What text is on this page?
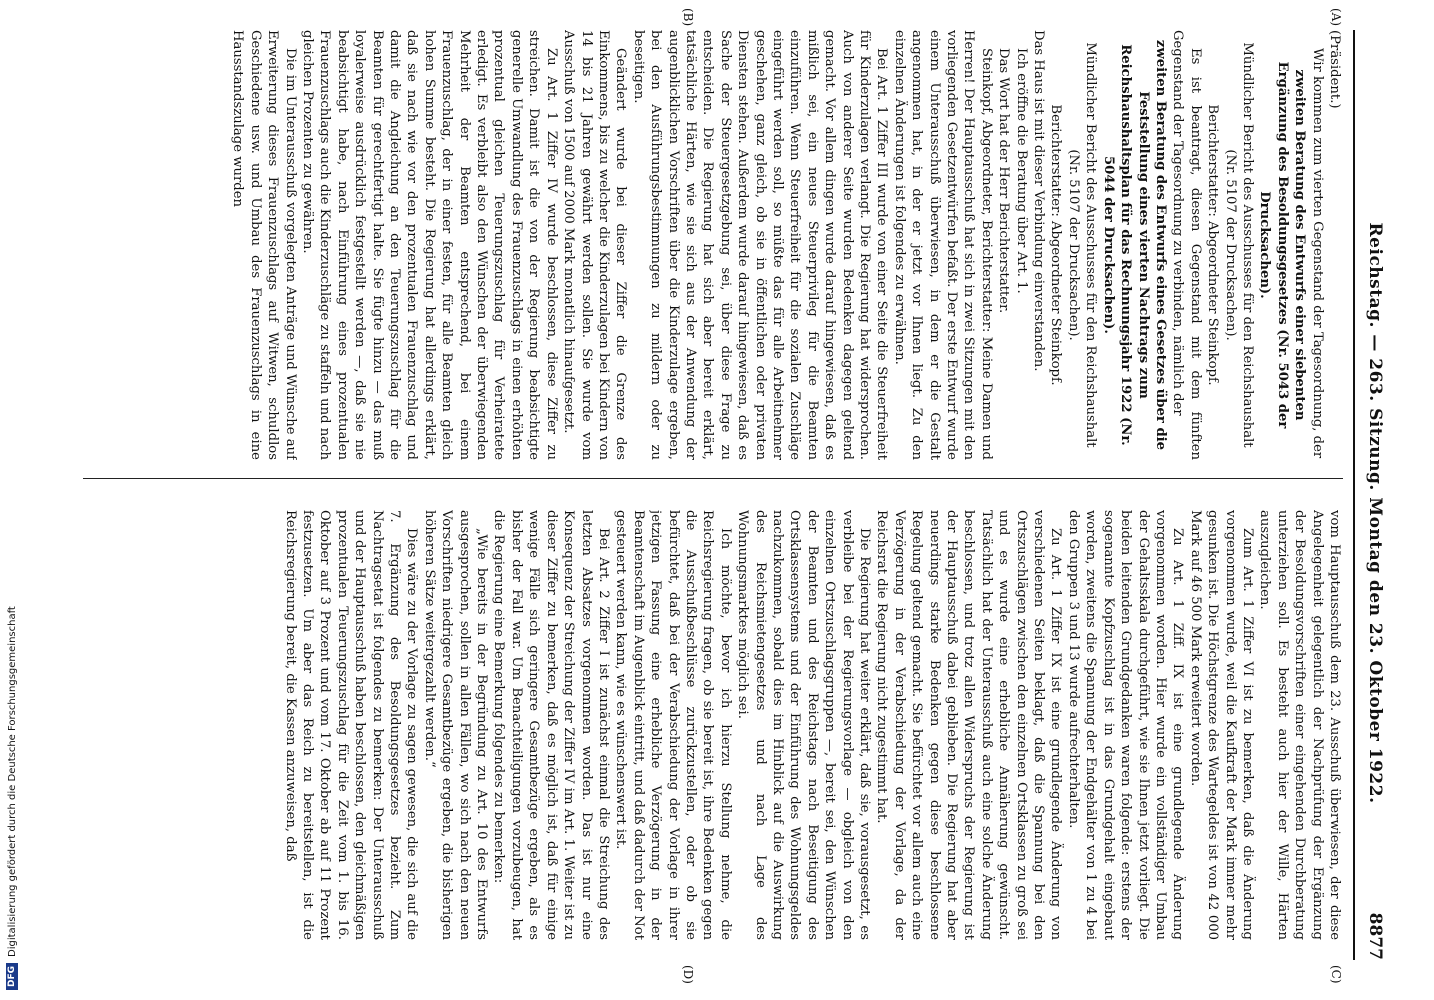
8877
Reichstag. — 263. Sitzung. Montag den 23. Oktober 1922.
(A)
(B)
(C)
(D)

(Präsident.)

Wir kommen zum vierten Gegenstand der Tagesordnung, der

zweiten Beratung des Entwurfs einer siebenten Ergänzung des Besoldungsgesetzes (Nr. 5043 der Drucksachen).

Mündlicher Bericht des Ausschusses für den Reichshaushalt (Nr. 5107 der Drucksachen).

Berichterstatter: Abgeordneter Steinkopf.

Es ist beantragt, diesen Gegenstand mit dem fünften Gegenstand der Tagesordnung zu verbinden, nämlich der

zweiten Beratung des Entwurfs eines Gesetzes über die Feststellung eines vierten Nachtrags zum Reichshaushaltsplan für das Rechnungsjahr 1922 (Nr. 5044 der Drucksachen).

Mündlicher Bericht des Ausschusses für den Reichshaushalt (Nr. 5107 der Drucksachen).

Berichterstatter: Abgeordneter Steinkopf.

Das Haus ist mit dieser Verbindung einverstanden.

Ich eröffne die Beratung über Art. 1.

Das Wort hat der Herr Berichterstatter.

Steinkopf, Abgeordneter, Berichterstatter: Meine Damen und Herren! Der Hauptausschuß hat sich in zwei Sitzungen mit den vorliegenden Gesetzentwürfen befaßt. Der erste Entwurf wurde einem Unterausschuß überwiesen, in dem er die Gestalt angenommen hat, in der er jetzt vor Ihnen liegt. Zu den einzelnen Änderungen ist folgendes zu erwähnen.

Bei Art. 1 Ziffer III wurde von einer Seite die Steuerfreiheit für Kinderzulagen verlangt. Die Regierung hat widersprochen. Auch von anderer Seite wurden Bedenken dagegen geltend gemacht. Vor allem dingen wurde darauf hingewiesen, daß es mißlich sei, ein neues Steuerprivileg für die Beamten einzuführen. Wenn Steuerfreiheit für die sozialen Zuschläge eingeführt werden soll, so müßte das für alle Arbeitnehmer geschehen, ganz gleich, ob sie in öffentlichen oder privaten Diensten stehen. Außerdem wurde darauf hingewiesen, daß es Sache der Steuergesetzgebung sei, über diese Frage zu entscheiden. Die Regierung hat sich aber bereit erklärt, tatsächliche Härten, wie sie sich aus der Anwendung der augenblicklichen Vorschriften über die Kinderzulage ergeben, bei den Ausführungsbestimmungen zu mildern oder zu beseitigen.

Geändert wurde bei dieser Ziffer die Grenze des Einkommens, bis zu welcher die Kinderzulagen bei Kindern von 14 bis 21 Jahren gewährt werden sollen. Sie wurde vom Ausschuß von 1500 auf 2000 Mark monatlich hinaufgesetzt.

Zu Art. 1 Ziffer IV wurde beschlossen, diese Ziffer zu streichen. Damit ist die von der Regierung beabsichtigte generelle Umwandlung des Frauenzuschlags in einen erhöhten prozentual gleichen Teuerungszuschlag für Verheiratete erledigt. Es verbleibt also den Wünschen der überwiegenden Mehrheit der Beamten entsprechend, bei einem Frauenzuschlag, der in einer festen, für alle Beamten gleich hohen Summe besteht. Die Regierung hat allerdings erklärt, daß sie nach wie vor den prozentualen Frauenzuschlag und damit die Angleichung an den Teuerungszuschlag für die Beamten für gerechtfertigt halte. Sie fügte hinzu — das muß loyalerweise ausdrücklich festgestellt werden —, daß sie nie beabsichtigt habe, nach Einführung eines prozentualen Frauenzuschlags auch die Kinderzuschläge zu staffeln und nach gleichen Prozenten zu gewähren.

Die im Unterausschuß vorgelegten Anträge und Wünsche auf Erweiterung dieses Frauenzuschlags auf Witwen, schuldlos Geschiedene usw. und Umbau des Frauenzuschlags in eine Hausstandszulage wurden

vom Hauptausschuß dem 23. Ausschuß überwiesen, der diese Angelegenheit gelegentlich der Nachprüfung der Ergänzung der Besoldungsvorschriften einer eingehenden Durchberatung unterziehen soll. Es besteht auch hier der Wille, Härten auszugleichen.

Zum Art. 1 Ziffer VI ist zu bemerken, daß die Änderung vorgenommen wurde, weil die Kaufkraft der Mark immer mehr gesunken ist. Die Höchstgrenze des Wartegeldes ist von 42 000 Mark auf 46 500 Mark erweitert worden.

Zu Art. 1 Ziff. IX ist eine grundlegende Änderung vorgenommen worden. Hier wurde ein vollständiger Umbau der Gehaltsskala durchgeführt, wie sie Ihnen jetzt vorliegt. Die beiden leitenden Grundgedanken waren folgende: erstens der sogenannte Kopfzuschlag ist in das Grundgehalt eingebaut worden, zweitens die Spannung der Endgehälter von 1 zu 4 bei den Gruppen 3 und 13 wurde aufrechterhalten.

Zu Art. 1 Ziffer IX ist eine grundlegende Änderung von verschiedenen Seiten beklagt, daß die Spannung bei den Ortszuschlägen zwischen den einzelnen Ortsklassen zu groß sei und es wurde eine erhebliche Annäherung gewünscht. Tatsächlich hat der Unterausschuß auch eine solche Änderung beschlossen, und trotz allen Widerspruchs der Regierung ist der Hauptausschuß dabei geblieben. Die Regierung hat aber neuerdings starke Bedenken gegen diese beschlossene Regelung geltend gemacht. Sie befürchtet vor allem auch eine Verzögerung in der Verabschiedung der Vorlage, da der Reichsrat die Regierung nicht zugestimmt hat.

Die Regierung hat weiter erklärt, daß sie, vorausgesetzt, es verbleibe bei der Regierungsvorlage — obgleich von den einzelnen Ortszuschlagsgruppen —, bereit sei, den Wünschen der Beamten und des Reichstags nach Beseitigung des Ortsklassensystems und der Einführung des Wohnungsgeldes nachzukommen, sobald dies im Hinblick auf die Auswirkung des Reichsmietengesetzes und nach Lage des Wohnungsmarktes möglich sei.

Ich möchte, bevor ich hierzu Stellung nehme, die Reichsregierung fragen, ob sie bereit ist, ihre Bedenken gegen die Ausschußbeschlüsse zurückzustellen, oder ob sie befürchtet, daß bei der Verabschiedung der Vorlage in ihrer jetzigen Fassung eine erhebliche Verzögerung in der Beamtenschaft im Augenblick eintritt, und daß dadurch der Not gesteuert werden kann, wie es wünschenswert ist.

Bei Art. 2 Ziffer I ist zunächst einmal die Streichung des letzten Absatzes vorgenommen worden. Das ist nur eine Konsequenz der Streichung der Ziffer IV im Art. 1. Weiter ist zu dieser Ziffer zu bemerken, daß es möglich ist, daß für einige wenige Fälle sich geringere Gesamtbezüge ergeben, als es bisher der Fall war. Um Benachteiligungen vorzubeugen, hat die Regierung eine Bemerkung folgendes zu bemerken:

„Wie bereits in der Begründung zu Art. 10 des Entwurfs ausgesprochen, sollen in allen Fällen, wo sich nach den neuen Vorschriften niedrigere Gesamtbezüge ergeben, die bisherigen höheren Sätze weitergezahlt werden.“

Dies wäre zu der Vorlage zu sagen gewesen, die sich auf die 7. Ergänzung des Besoldungsgesetzes bezieht. Zum Nachtragsetat ist folgendes zu bemerken: Der Unterausschuß und der Hauptausschuß haben beschlossen, den gleichmäßigen prozentualen Teuerungszuschlag für die Zeit vom 1. bis 16. Oktober auf 3 Prozent und vom 17. Oktober ab auf 11 Prozent festzusetzen. Um aber das Reich zu bereitstellen, ist die Reichsregierung bereit, die Kassen anzuweisen, daß

DFG
Digitalisierung gefördert durch die Deutsche Forschungsgemeinschaft
